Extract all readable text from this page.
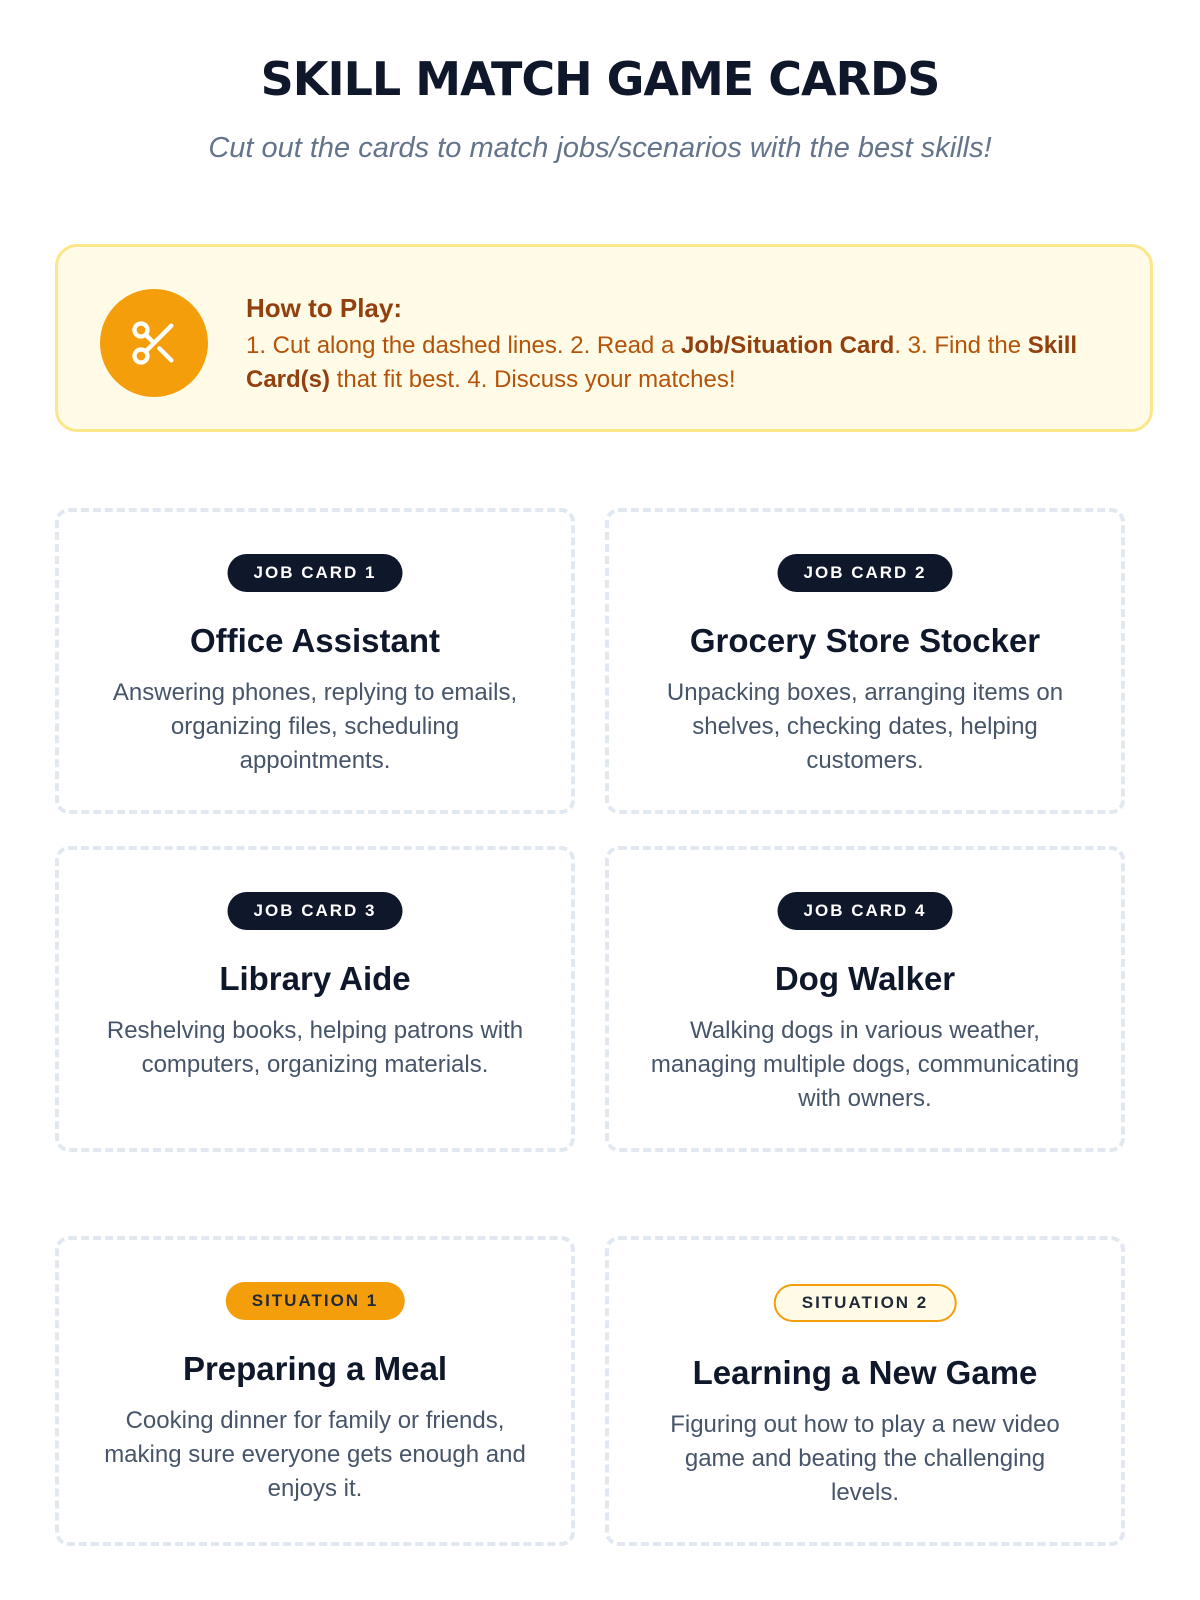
SKILL MATCH GAME CARDS
Cut out the cards to match jobs/scenarios with the best skills!
How to Play:
1. Cut along the dashed lines. 2. Read a Job/Situation Card. 3. Find the Skill Card(s) that fit best. 4. Discuss your matches!
JOB CARD 1
Office Assistant
Answering phones, replying to emails, organizing files, scheduling appointments.
JOB CARD 2
Grocery Store Stocker
Unpacking boxes, arranging items on shelves, checking dates, helping customers.
JOB CARD 3
Library Aide
Reshelving books, helping patrons with computers, organizing materials.
JOB CARD 4
Dog Walker
Walking dogs in various weather, managing multiple dogs, communicating with owners.
SITUATION 1
Preparing a Meal
Cooking dinner for family or friends, making sure everyone gets enough and enjoys it.
SITUATION 2
Learning a New Game
Figuring out how to play a new video game and beating the challenging levels.
